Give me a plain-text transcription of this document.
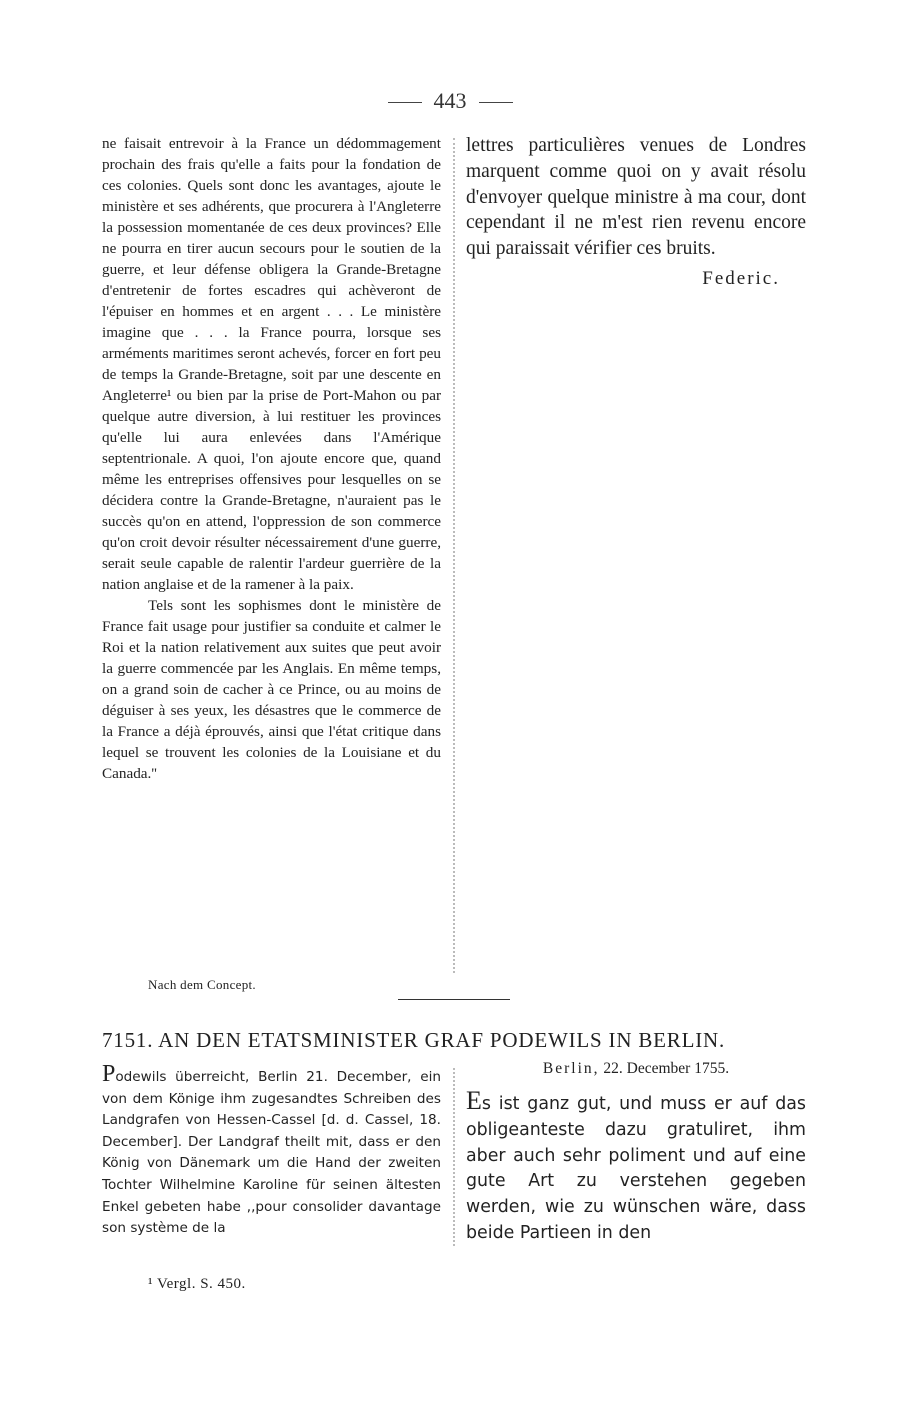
443

ne faisait entrevoir à la France un dédommagement prochain des frais qu'elle a faits pour la fondation de ces colonies. Quels sont donc les avantages, ajoute le ministère et ses adhérents, que procurera à l'Angleterre la possession momentanée de ces deux provinces? Elle ne pourra en tirer aucun secours pour le soutien de la guerre, et leur défense obligera la Grande-Bretagne d'entretenir de fortes escadres qui achèveront de l'épuiser en hommes et en argent . . . Le ministère imagine que . . . la France pourra, lorsque ses arméments maritimes seront achevés, forcer en fort peu de temps la Grande-Bretagne, soit par une descente en Angleterre¹ ou bien par la prise de Port-Mahon ou par quelque autre diversion, à lui restituer les provinces qu'elle lui aura enlevées dans l'Amérique septentrionale. A quoi, l'on ajoute encore que, quand même les entreprises offensives pour lesquelles on se décidera contre la Grande-Bretagne, n'auraient pas le succès qu'on en attend, l'oppression de son commerce qu'on croit devoir résulter nécessairement d'une guerre, serait seule capable de ralentir l'ardeur guerrière de la nation anglaise et de la ramener à la paix.

Tels sont les sophismes dont le ministère de France fait usage pour justifier sa conduite et calmer le Roi et la nation relativement aux suites que peut avoir la guerre commencée par les Anglais. En même temps, on a grand soin de cacher à ce Prince, ou au moins de déguiser à ses yeux, les désastres que le commerce de la France a déjà éprouvés, ainsi que l'état critique dans lequel se trouvent les colonies de la Louisiane et du Canada.''

lettres particulières venues de Londres marquent comme quoi on y avait résolu d'envoyer quelque ministre à ma cour, dont cependant il ne m'est rien revenu encore qui paraissait vérifier ces bruits.

Federic.

Nach dem Concept.
7151. AN DEN ETATSMINISTER GRAF PODEWILS IN BERLIN.

Podewils überreicht, Berlin 21. December, ein von dem Könige ihm zugesandtes Schreiben des Landgrafen von Hessen-Cassel [d. d. Cassel, 18. December]. Der Landgraf theilt mit, dass er den König von Dänemark um die Hand der zweiten Tochter Wilhelmine Karoline für seinen ältesten Enkel gebeten habe ,,pour consolider davantage son système de la

Berlin, 22. December 1755.

Es ist ganz gut, und muss er auf das obligeanteste dazu gratuliret, ihm aber auch sehr poliment und auf eine gute Art zu verstehen gegeben werden, wie zu wünschen wäre, dass beide Partieen in den

¹ Vergl. S. 450.
